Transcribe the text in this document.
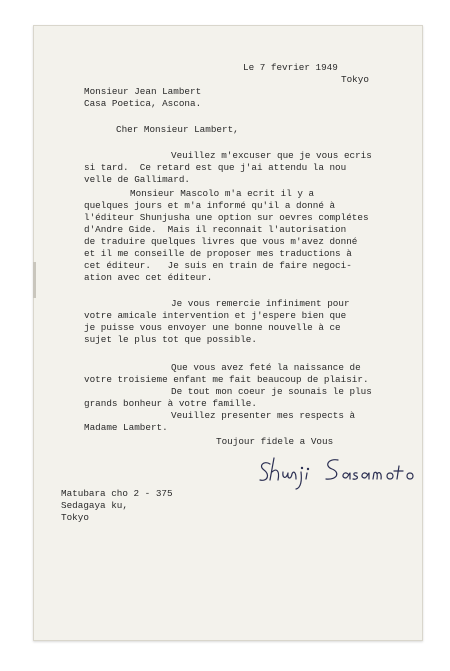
Le 7 fevrier 1949
Tokyo
Monsieur Jean Lambert
Casa Poetica, Ascona.
Cher Monsieur Lambert,
Veuillez m'excuser que je vous ecris
si tard.  Ce retard est que j'ai attendu la nou
velle de Gallimard.
Monsieur Mascolo m'a ecrit il y a
quelques jours et m'a informé qu'il a donné à
l'éditeur Shunjusha une option sur oevres complétes
d'Andre Gide.  Mais il reconnait l'autorisation
de traduire quelques livres que vous m'avez donné
et il me conseille de proposer mes traductions à
cet éditeur.   Je suis en train de faire negoci-
ation avec cet éditeur.
Je vous remercie infiniment pour
votre amicale intervention et j'espere bien que
je puisse vous envoyer une bonne nouvelle à ce
sujet le plus tot que possible.
Que vous avez feté la naissance de
votre troisieme enfant me fait beaucoup de plaisir.
De tout mon coeur je sounais le plus
grands bonheur à votre famille.
Veuillez presenter mes respects à
Madame Lambert.
Toujour fidele a Vous
Matubara cho 2 - 375
Sedagaya ku,
Tokyo
